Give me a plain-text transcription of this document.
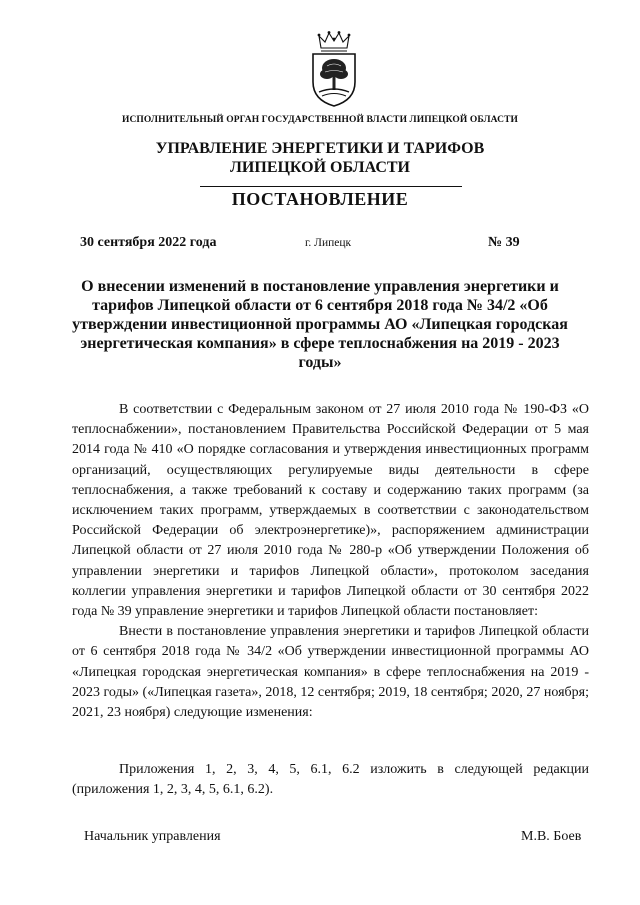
ИСПОЛНИТЕЛЬНЫЙ ОРГАН ГОСУДАРСТВЕННОЙ ВЛАСТИ ЛИПЕЦКОЙ ОБЛАСТИ
УПРАВЛЕНИЕ ЭНЕРГЕТИКИ И ТАРИФОВ
ЛИПЕЦКОЙ ОБЛАСТИ
ПОСТАНОВЛЕНИЕ
30 сентября 2022 года	г. Липецк	№ 39
О внесении изменений в постановление управления энергетики и тарифов Липецкой области от 6 сентября 2018 года № 34/2 «Об утверждении инвестиционной программы АО «Липецкая городская энергетическая компания» в сфере теплоснабжения на 2019 - 2023 годы»

В соответствии с Федеральным законом от 27 июля 2010 года № 190-ФЗ «О теплоснабжении», постановлением Правительства Российской Федерации от 5 мая 2014 года № 410 «О порядке согласования и утверждения инвестиционных программ организаций, осуществляющих регулируемые виды деятельности в сфере теплоснабжения, а также требований к составу и содержанию таких программ (за исключением таких программ, утверждаемых в соответствии с законодательством Российской Федерации об электроэнергетике)», распоряжением администрации Липецкой области от 27 июля 2010 года № 280-р «Об утверждении Положения об управлении энергетики и тарифов Липецкой области», протоколом заседания коллегии управления энергетики и тарифов Липецкой области от 30 сентября 2022 года № 39 управление энергетики и тарифов Липецкой области постановляет:

Внести в постановление управления энергетики и тарифов Липецкой области от 6 сентября 2018 года № 34/2 «Об утверждении инвестиционной программы АО «Липецкая городская энергетическая компания» в сфере теплоснабжения на 2019 - 2023 годы» («Липецкая газета», 2018, 12 сентября; 2019, 18 сентября; 2020, 27 ноября; 2021, 23 ноября) следующие изменения:

Приложения 1, 2, 3, 4, 5, 6.1, 6.2 изложить в следующей редакции (приложения 1, 2, 3, 4, 5, 6.1, 6.2).
Начальник управления	М.В. Боев
